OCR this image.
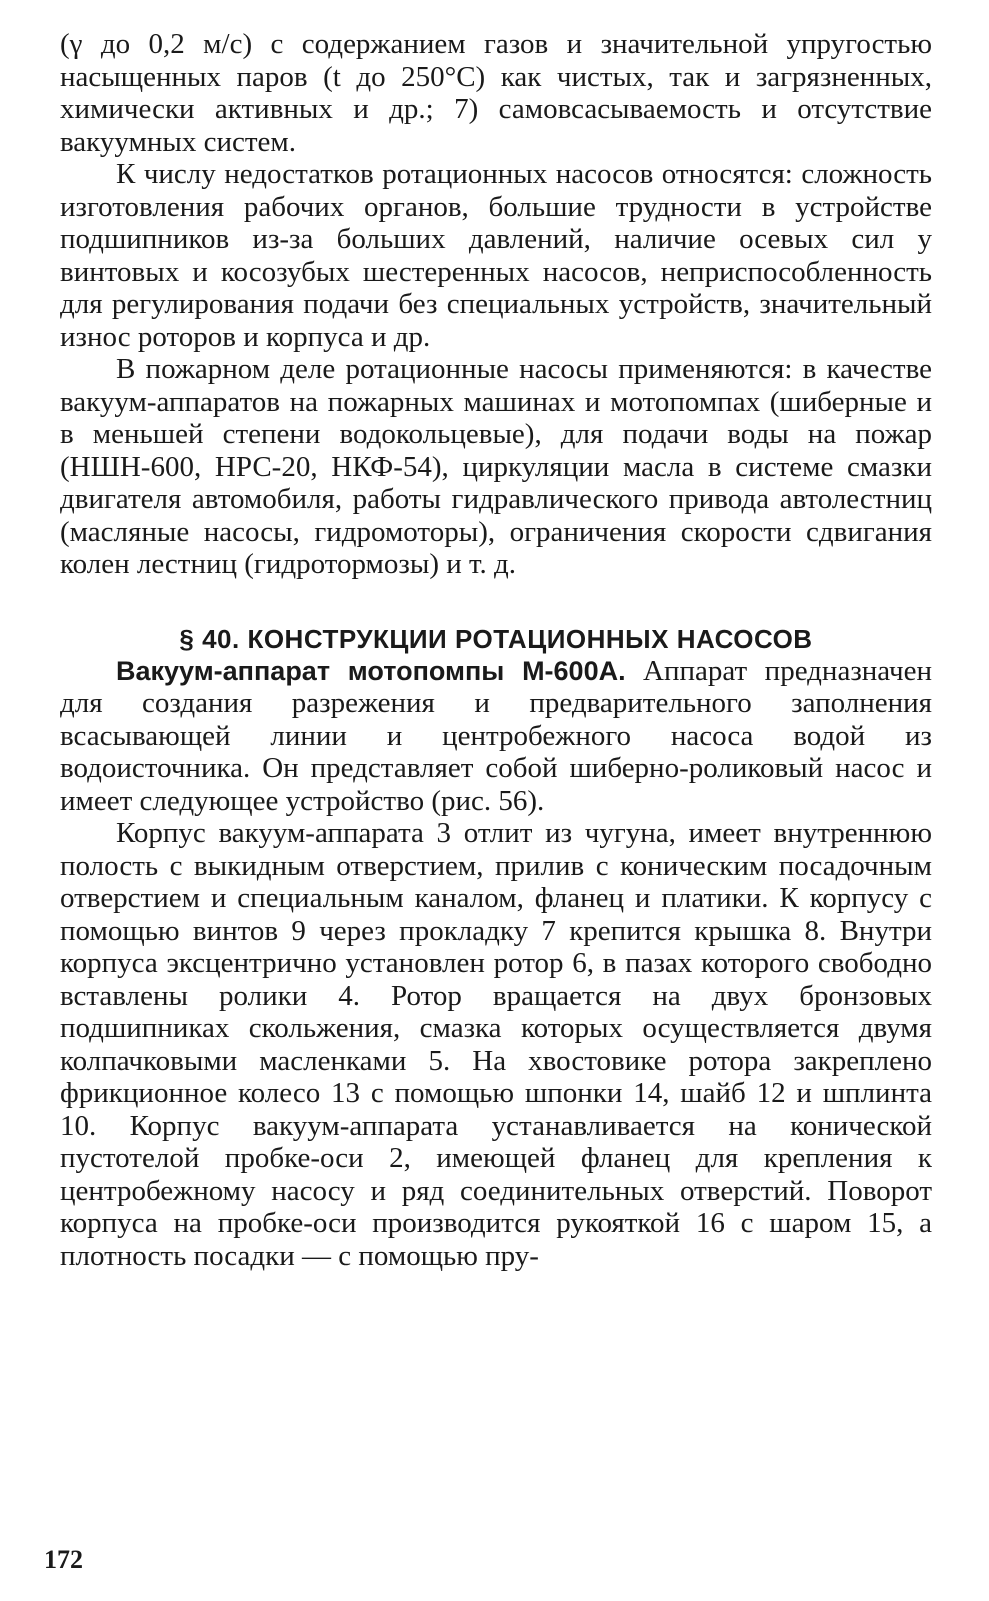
(γ до 0,2 м/с) с содержанием газов и значительной упругостью насыщенных паров (t до 250°С) как чистых, так и загрязненных, химически активных и др.; 7) самовсасываемость и отсутствие вакуумных систем.

К числу недостатков ротационных насосов относятся: сложность изготовления рабочих органов, большие трудности в устройстве подшипников из-за больших давлений, наличие осевых сил у винтовых и косозубых шестеренных насосов, неприспособленность для регулирования подачи без специальных устройств, значительный износ роторов и корпуса и др.

В пожарном деле ротационные насосы применяются: в качестве вакуум-аппаратов на пожарных машинах и мотопомпах (шиберные и в меньшей степени водокольцевые), для подачи воды на пожар (НШН-600, НРС-20, НКФ-54), циркуляции масла в системе смазки двигателя автомобиля, работы гидравлического привода автолестниц (масляные насосы, гидромоторы), ограничения скорости сдвигания колен лестниц (гидротормозы) и т. д.

§ 40. КОНСТРУКЦИИ РОТАЦИОННЫХ НАСОСОВ

Вакуум-аппарат мотопомпы М-600А. Аппарат предназначен для создания разрежения и предварительного заполнения всасывающей линии и центробежного насоса водой из водоисточника. Он представляет собой шиберно-роликовый насос и имеет следующее устройство (рис. 56).

Корпус вакуум-аппарата 3 отлит из чугуна, имеет внутреннюю полость с выкидным отверстием, прилив с коническим посадочным отверстием и специальным каналом, фланец и платики. К корпусу с помощью винтов 9 через прокладку 7 крепится крышка 8. Внутри корпуса эксцентрично установлен ротор 6, в пазах которого свободно вставлены ролики 4. Ротор вращается на двух бронзовых подшипниках скольжения, смазка которых осуществляется двумя колпачковыми масленками 5. На хвостовике ротора закреплено фрикционное колесо 13 с помощью шпонки 14, шайб 12 и шплинта 10. Корпус вакуум-аппарата устанавливается на конической пустотелой пробке-оси 2, имеющей фланец для крепления к центробежному насосу и ряд соединительных отверстий. Поворот корпуса на пробке-оси производится рукояткой 16 с шаром 15, а плотность посадки — с помощью пру-

172
